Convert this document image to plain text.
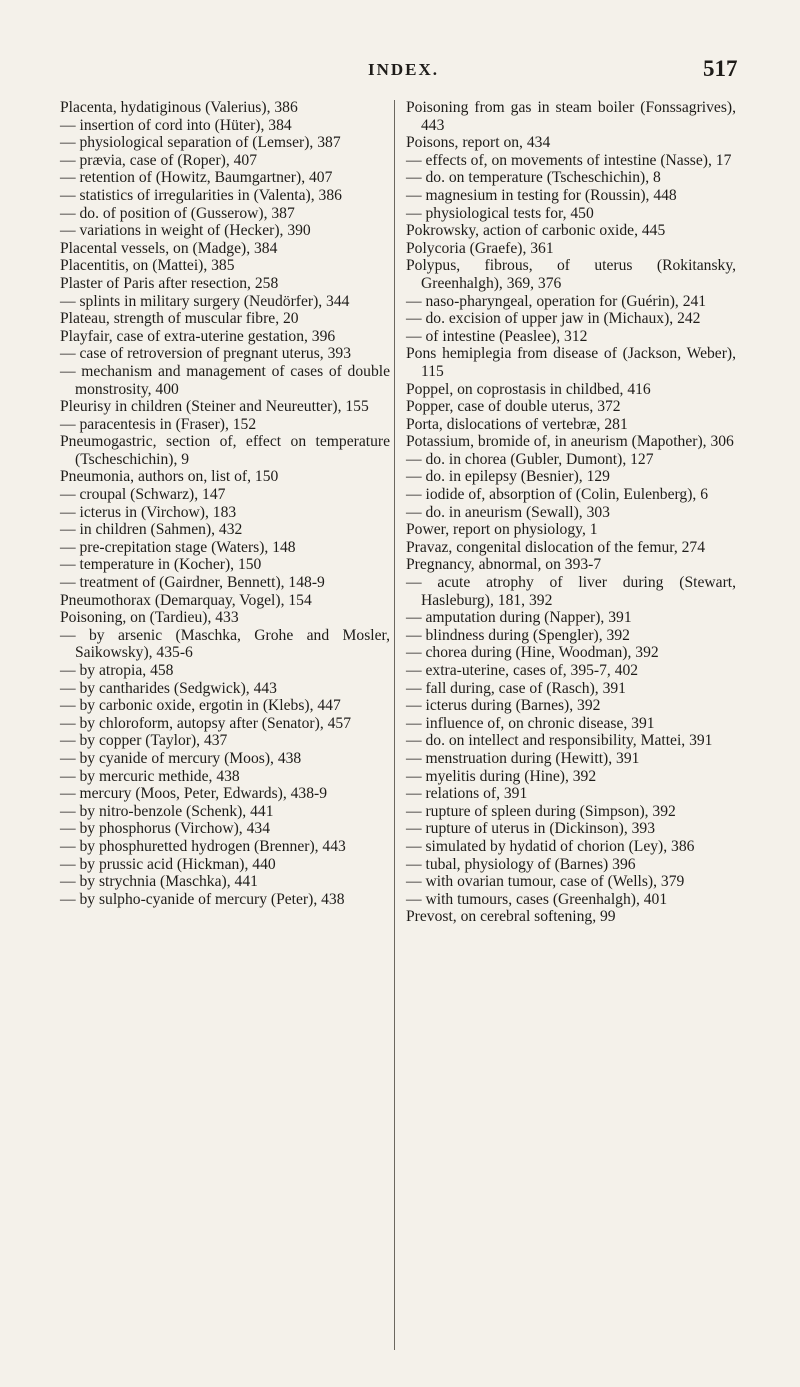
INDEX.	517

Placenta, hydatiginous (Valerius), 386

— insertion of cord into (Hüter), 384

— physiological separation of (Lemser), 387

— prævia, case of (Roper), 407

— retention of (Howitz, Baumgartner), 407

— statistics of irregularities in (Valenta), 386

— do. of position of (Gusserow), 387

— variations in weight of (Hecker), 390

Placental vessels, on (Madge), 384

Placentitis, on (Mattei), 385

Plaster of Paris after resection, 258

— splints in military surgery (Neudörfer), 344

Plateau, strength of muscular fibre, 20

Playfair, case of extra-uterine gestation, 396

— case of retroversion of pregnant uterus, 393

— mechanism and management of cases of double monstrosity, 400

Pleurisy in children (Steiner and Neureutter), 155

— paracentesis in (Fraser), 152

Pneumogastric, section of, effect on temperature (Tscheschichin), 9

Pneumonia, authors on, list of, 150

— croupal (Schwarz), 147

— icterus in (Virchow), 183

— in children (Sahmen), 432

— pre-crepitation stage (Waters), 148

— temperature in (Kocher), 150

— treatment of (Gairdner, Bennett), 148-9

Pneumothorax (Demarquay, Vogel), 154

Poisoning, on (Tardieu), 433

— by arsenic (Maschka, Grohe and Mosler, Saikowsky), 435-6

— by atropia, 458

— by cantharides (Sedgwick), 443

— by carbonic oxide, ergotin in (Klebs), 447

— by chloroform, autopsy after (Senator), 457

— by copper (Taylor), 437

— by cyanide of mercury (Moos), 438

— by mercuric methide, 438

— mercury (Moos, Peter, Edwards), 438-9

— by nitro-benzole (Schenk), 441

— by phosphorus (Virchow), 434

— by phosphuretted hydrogen (Brenner), 443

— by prussic acid (Hickman), 440

— by strychnia (Maschka), 441

— by sulpho-cyanide of mercury (Peter), 438

Poisoning from gas in steam boiler (Fonssagrives), 443

Poisons, report on, 434

— effects of, on movements of intestine (Nasse), 17

— do. on temperature (Tscheschichin), 8

— magnesium in testing for (Roussin), 448

— physiological tests for, 450

Pokrowsky, action of carbonic oxide, 445

Polycoria (Graefe), 361

Polypus, fibrous, of uterus (Rokitansky, Greenhalgh), 369, 376

— naso-pharyngeal, operation for (Guérin), 241

— do. excision of upper jaw in (Michaux), 242

— of intestine (Peaslee), 312

Pons hemiplegia from disease of (Jackson, Weber), 115

Poppel, on coprostasis in childbed, 416

Popper, case of double uterus, 372

Porta, dislocations of vertebræ, 281

Potassium, bromide of, in aneurism (Mapother), 306

— do. in chorea (Gubler, Dumont), 127

— do. in epilepsy (Besnier), 129

— iodide of, absorption of (Colin, Eulenberg), 6

— do. in aneurism (Sewall), 303

Power, report on physiology, 1

Pravaz, congenital dislocation of the femur, 274

Pregnancy, abnormal, on 393-7

— acute atrophy of liver during (Stewart, Hasleburg), 181, 392

— amputation during (Napper), 391

— blindness during (Spengler), 392

— chorea during (Hine, Woodman), 392

— extra-uterine, cases of, 395-7, 402

— fall during, case of (Rasch), 391

— icterus during (Barnes), 392

— influence of, on chronic disease, 391

— do. on intellect and responsibility, Mattei, 391

— menstruation during (Hewitt), 391

— myelitis during (Hine), 392

— relations of, 391

— rupture of spleen during (Simpson), 392

— rupture of uterus in (Dickinson), 393

— simulated by hydatid of chorion (Ley), 386

— tubal, physiology of (Barnes) 396

— with ovarian tumour, case of (Wells), 379

— with tumours, cases (Greenhalgh), 401

Prevost, on cerebral softening, 99
